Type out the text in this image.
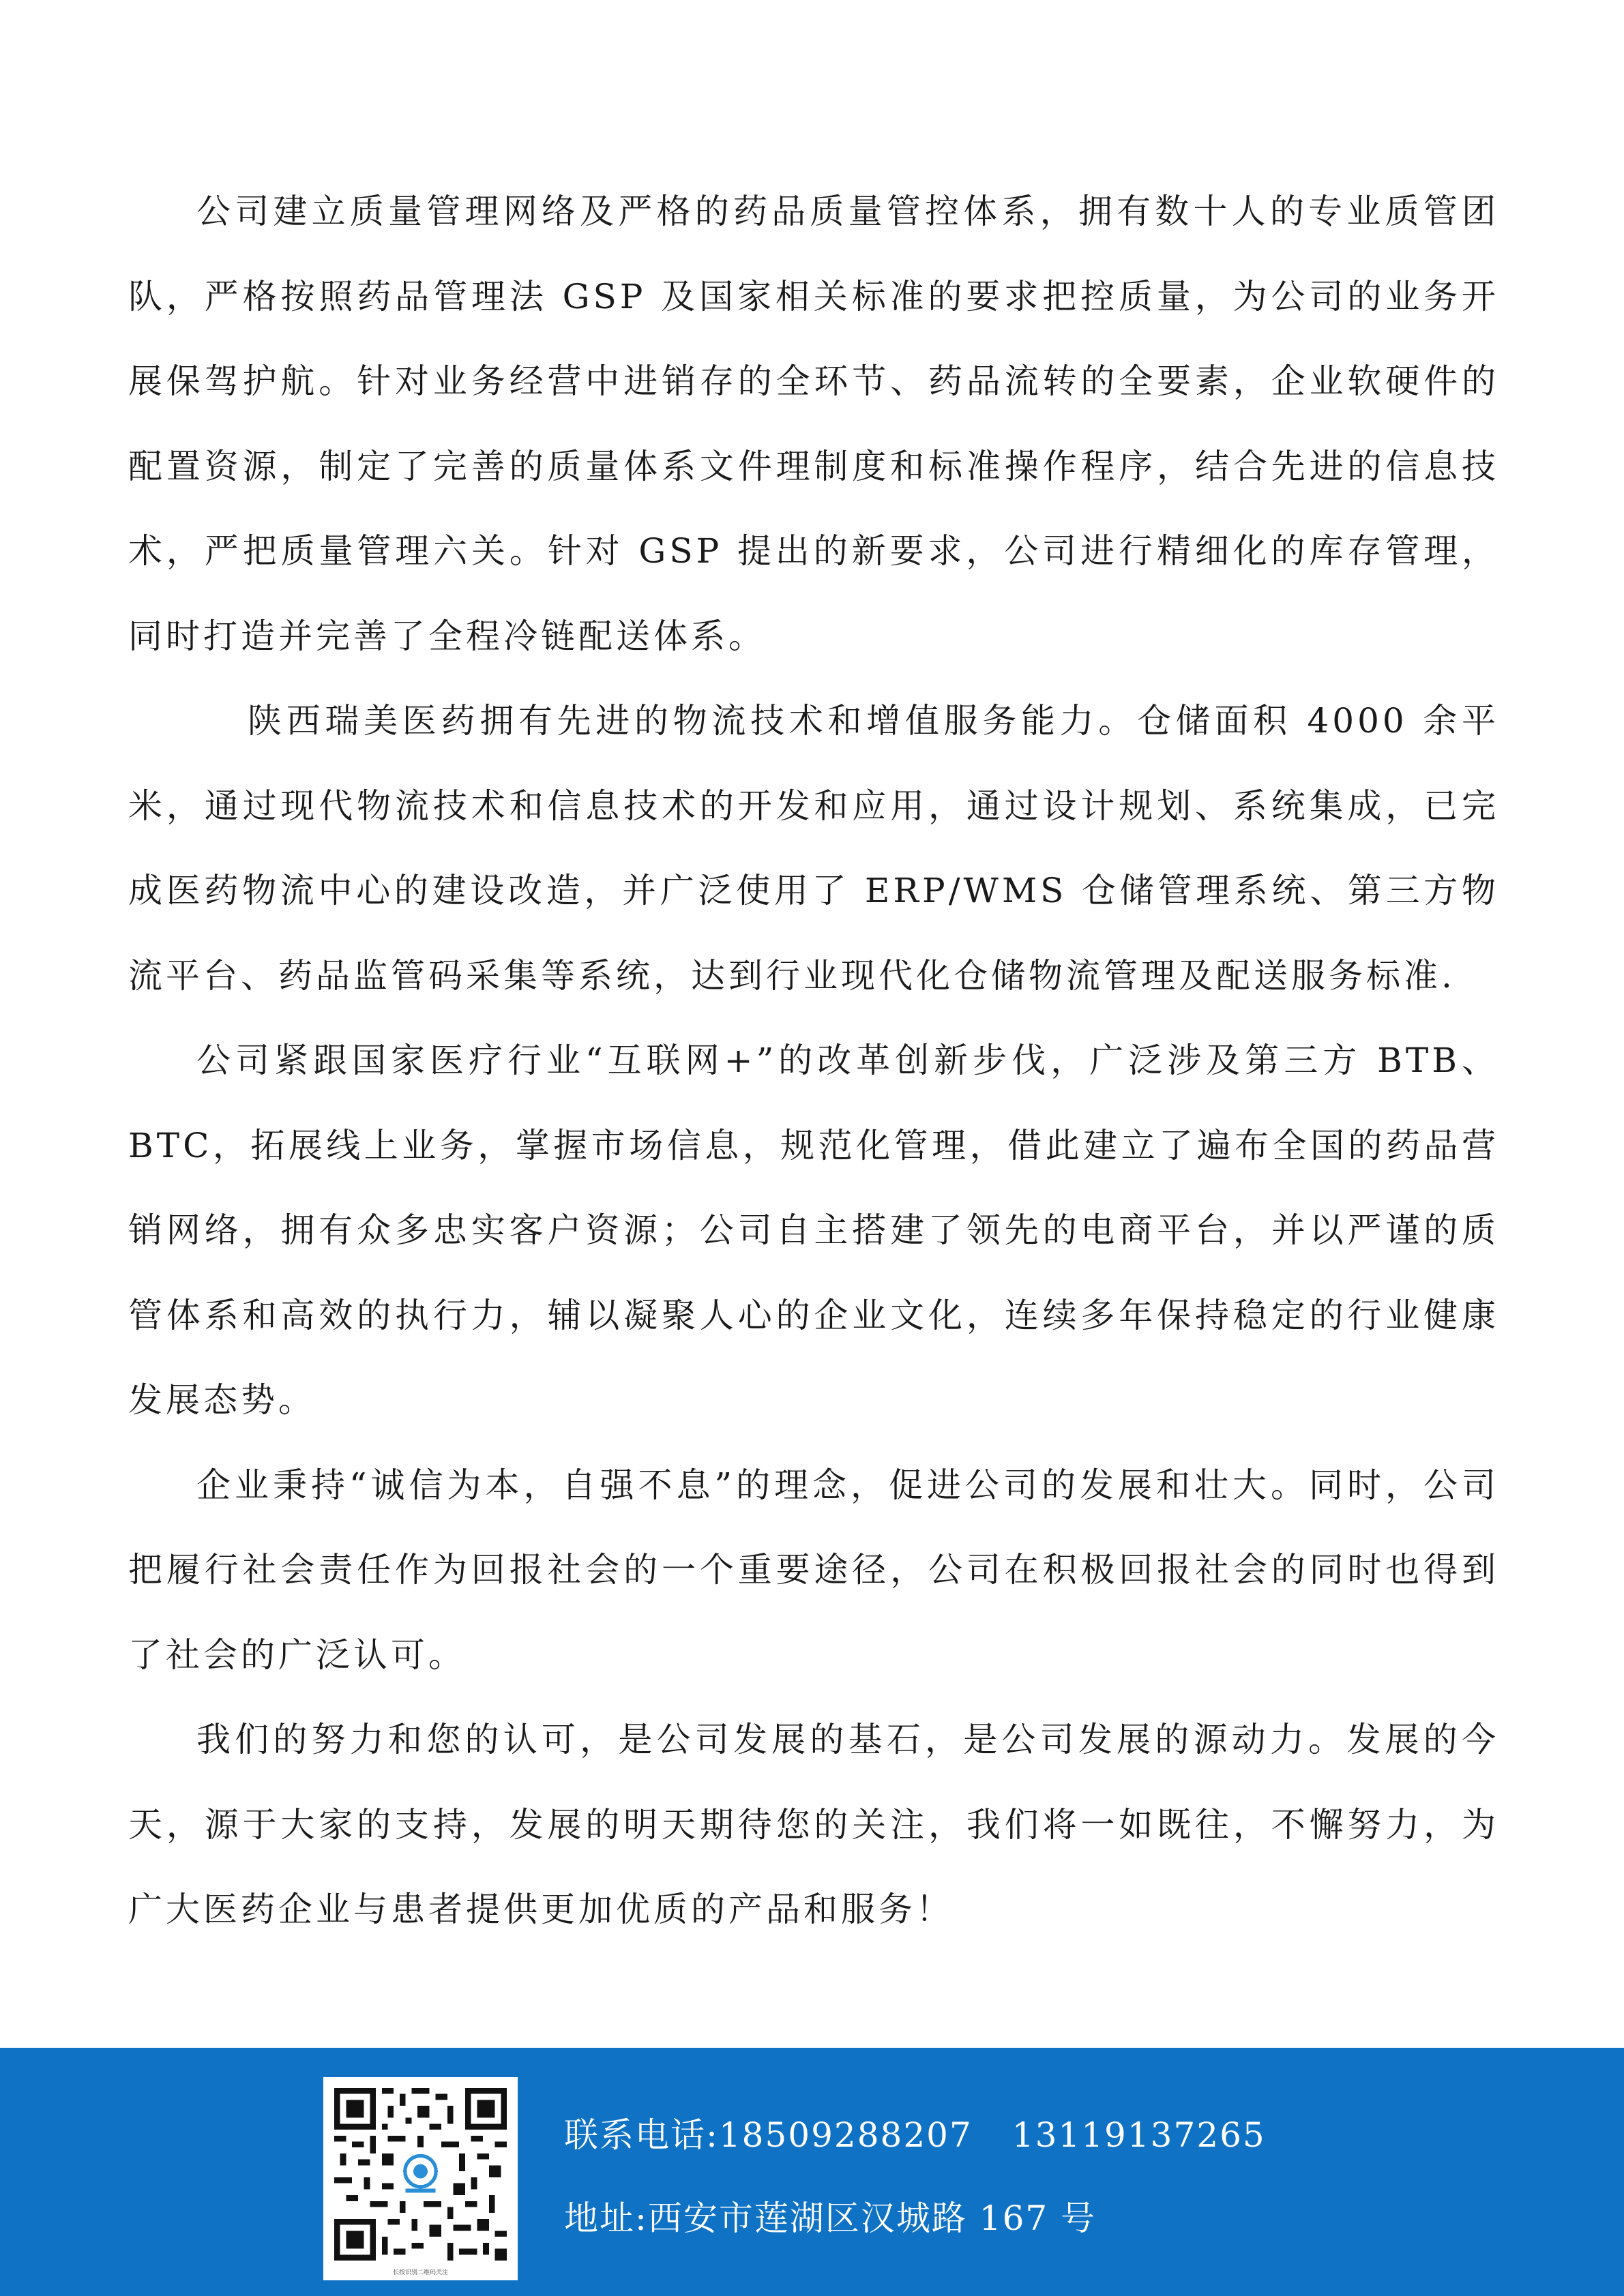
公司建立质量管理网络及严格的药品质量管控体系，拥有数十人的专业质管团队，严格按照药品管理法 GSP 及国家相关标准的要求把控质量，为公司的业务开展保驾护航。针对业务经营中进销存的全环节、药品流转的全要素，企业软硬件的配置资源，制定了完善的质量体系文件理制度和标准操作程序，结合先进的信息技术，严把质量管理六关。针对 GSP 提出的新要求，公司进行精细化的库存管理，同时打造并完善了全程冷链配送体系。

陕西瑞美医药拥有先进的物流技术和增值服务能力。仓储面积 4000 余平米，通过现代物流技术和信息技术的开发和应用，通过设计规划、系统集成，已完成医药物流中心的建设改造，并广泛使用了 ERP/WMS 仓储管理系统、第三方物流平台、药品监管码采集等系统，达到行业现代化仓储物流管理及配送服务标准.

公司紧跟国家医疗行业“互联网+”的改革创新步伐，广泛涉及第三方 BTB、BTC，拓展线上业务，掌握市场信息，规范化管理，借此建立了遍布全国的药品营销网络，拥有众多忠实客户资源；公司自主搭建了领先的电商平台，并以严谨的质管体系和高效的执行力，辅以凝聚人心的企业文化，连续多年保持稳定的行业健康发展态势。

企业秉持“诚信为本，自强不息”的理念，促进公司的发展和壮大。同时，公司把履行社会责任作为回报社会的一个重要途径，公司在积极回报社会的同时也得到了社会的广泛认可。

我们的努力和您的认可，是公司发展的基石，是公司发展的源动力。发展的今天，源于大家的支持，发展的明天期待您的关注，我们将一如既往，不懈努力，为广大医药企业与患者提供更加优质的产品和服务！

长按识别二维码关注
联系电话:18509288207 13119137265
地址:西安市莲湖区汉城路 167 号
